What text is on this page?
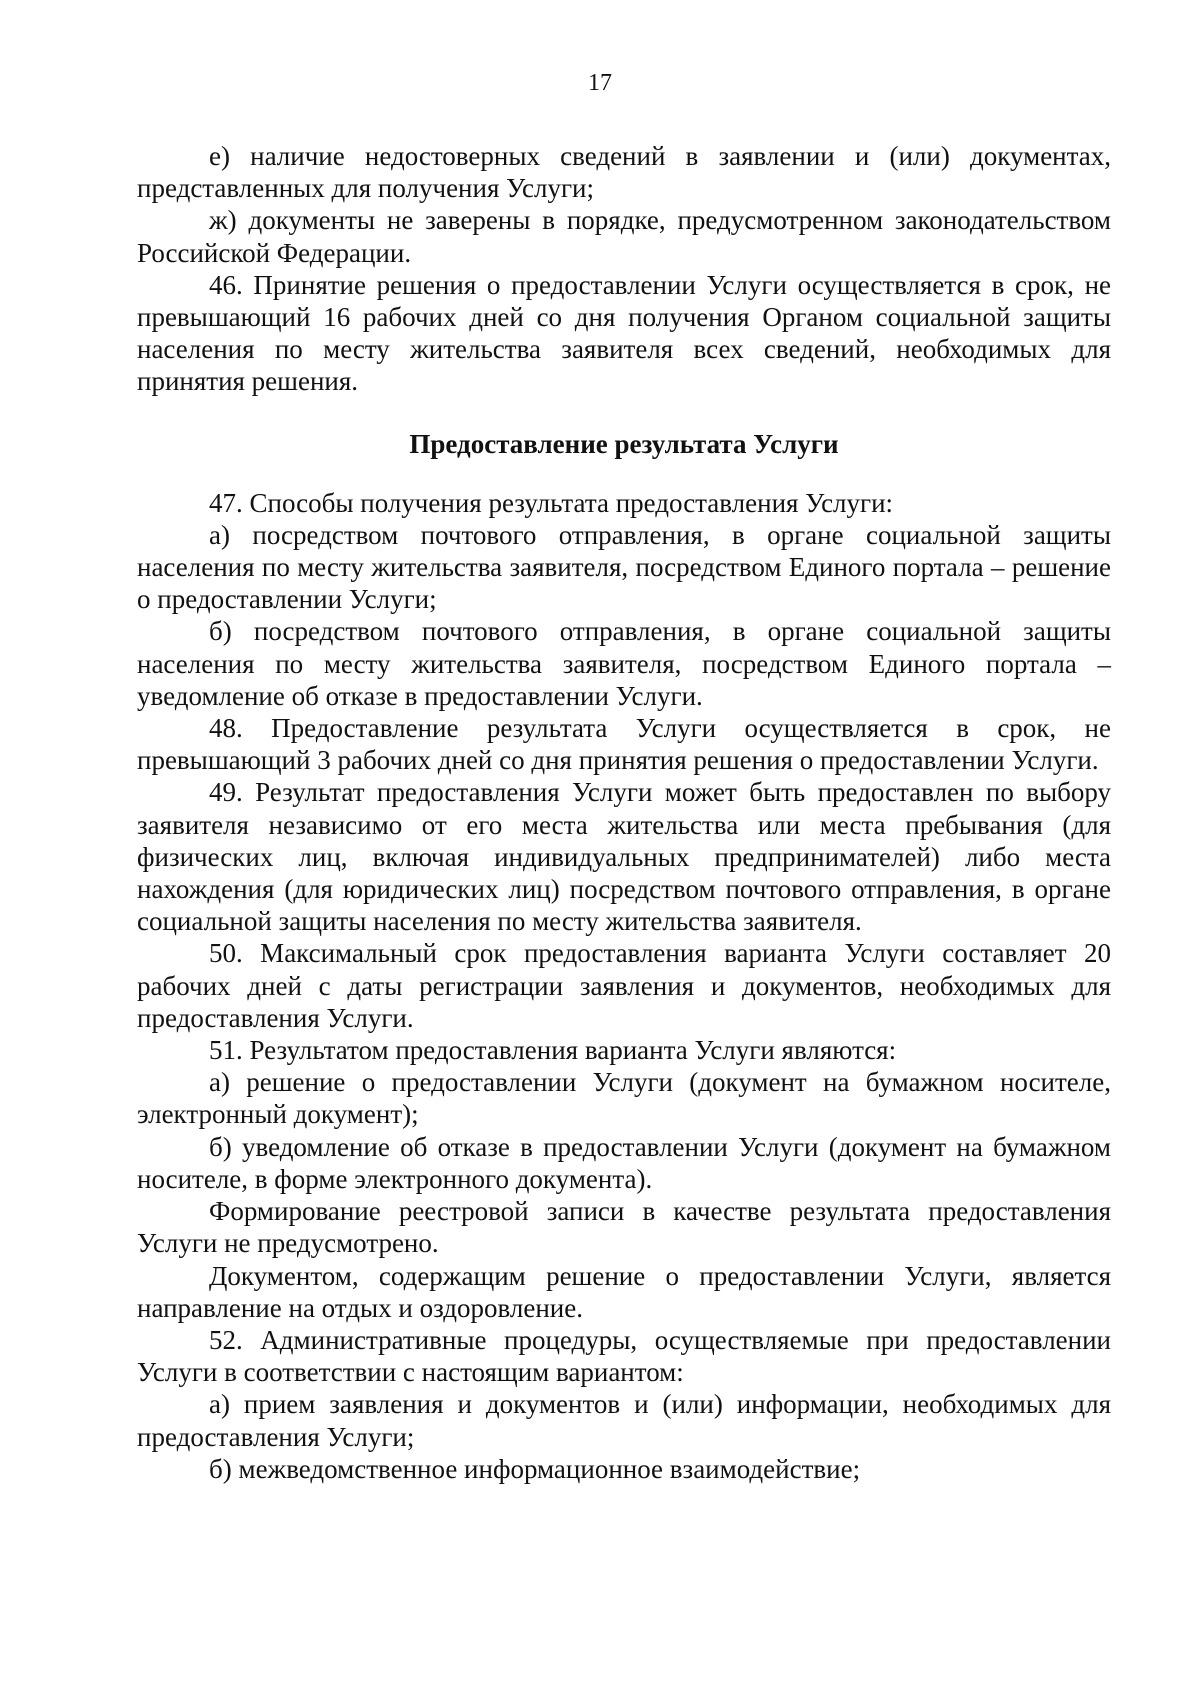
17

е) наличие недостоверных сведений в заявлении и (или) документах, представленных для получения Услуги;

ж) документы не заверены в порядке, предусмотренном законодательством Российской Федерации.

46. Принятие решения о предоставлении Услуги осуществляется в срок, не превышающий 16 рабочих дней со дня получения Органом социальной защиты населения по месту жительства заявителя всех сведений, необходимых для принятия решения.

Предоставление результата Услуги

47. Способы получения результата предоставления Услуги:

а) посредством почтового отправления, в органе социальной защиты населения по месту жительства заявителя, посредством Единого портала – решение о предоставлении Услуги;

б) посредством почтового отправления, в органе социальной защиты населения по месту жительства заявителя, посредством Единого портала – уведомление об отказе в предоставлении Услуги.

48. Предоставление результата Услуги осуществляется в срок, не превышающий 3 рабочих дней со дня принятия решения о предоставлении Услуги.

49. Результат предоставления Услуги может быть предоставлен по выбору заявителя независимо от его места жительства или места пребывания (для физических лиц, включая индивидуальных предпринимателей) либо места нахождения (для юридических лиц) посредством почтового отправления, в органе социальной защиты населения по месту жительства заявителя.

50. Максимальный срок предоставления варианта Услуги составляет 20 рабочих дней с даты регистрации заявления и документов, необходимых для предоставления Услуги.

51. Результатом предоставления варианта Услуги являются:

а) решение о предоставлении Услуги (документ на бумажном носителе, электронный документ);

б) уведомление об отказе в предоставлении Услуги (документ на бумажном носителе, в форме электронного документа).

Формирование реестровой записи в качестве результата предоставления Услуги не предусмотрено.

Документом, содержащим решение о предоставлении Услуги, является направление на отдых и оздоровление.

52. Административные процедуры, осуществляемые при предоставлении Услуги в соответствии с настоящим вариантом:

а) прием заявления и документов и (или) информации, необходимых для предоставления Услуги;

б) межведомственное информационное взаимодействие;
